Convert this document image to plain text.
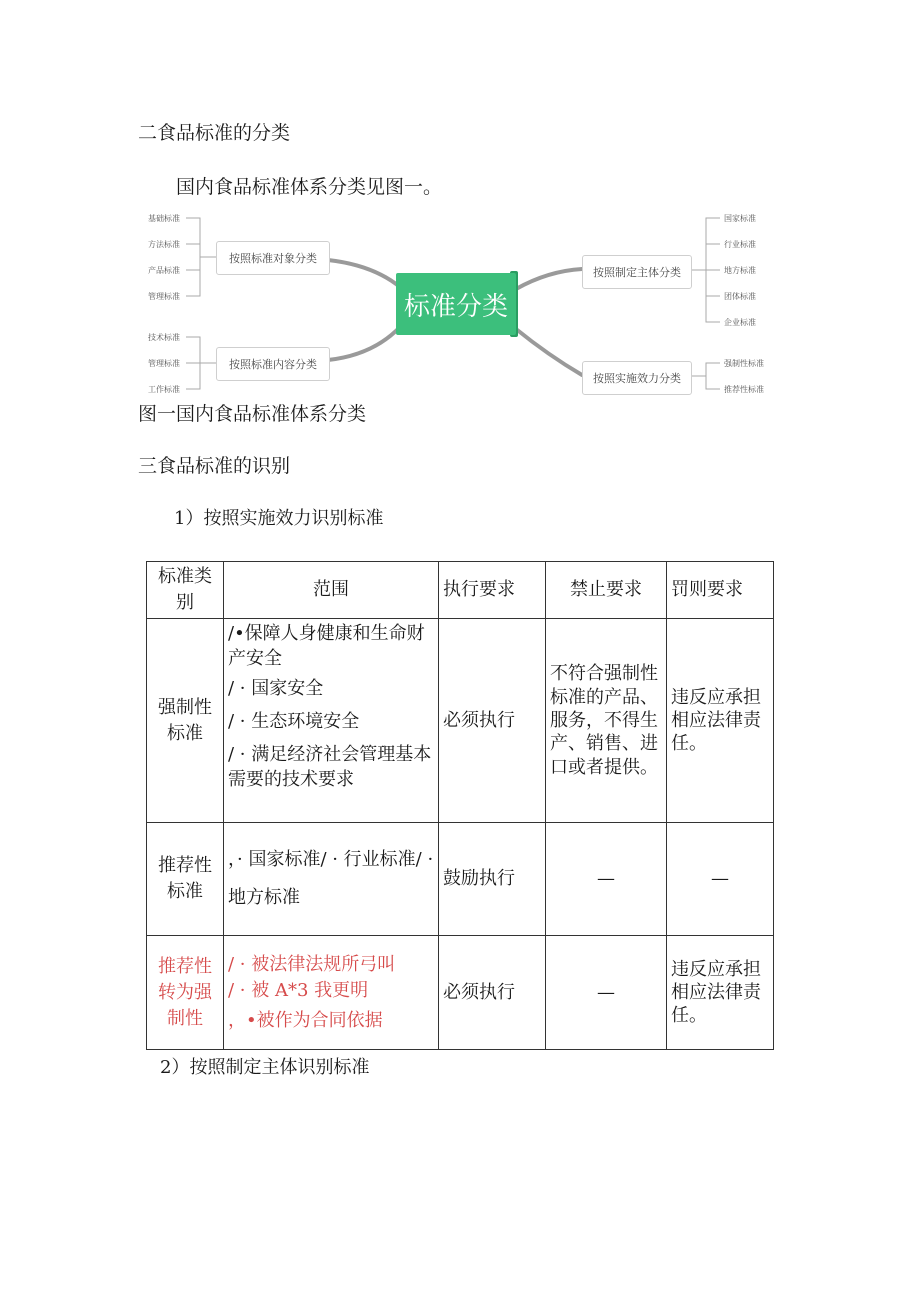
二食品标准的分类
国内食品标准体系分类见图一。
基础标准
方法标准
产品标准
管理标准
技术标准
管理标准
工作标准
按照标准对象分类
按照标准内容分类
标准分类
按照制定主体分类
按照实施效力分类
国家标准
行业标准
地方标准
团体标准
企业标准
强制性标准
推荐性标准
图一国内食品标准体系分类
三食品标准的识别
1）按照实施效力识别标准
标准类别	范围	执行要求	禁止要求	罚则要求
强制性标准	/•保障人身健康和生命财产安全
/ · 国家安全
/ · 生态环境安全
/ · 满足经济社会管理基本需要的技术要求	必须执行	不符合强制性标准的产品、服务，不得生产、销售、进口或者提供。	违反应承担相应法律责任。
推荐性标准	，· 国家标准/ · 行业标准/ · 地方标准	鼓励执行	—	—
推荐性转为强制性	/ · 被法律法规所弓叫
/ · 被 A*3 我更明
，•被作为合同依据	必须执行	—	违反应承担相应法律责任。
2）按照制定主体识别标准
